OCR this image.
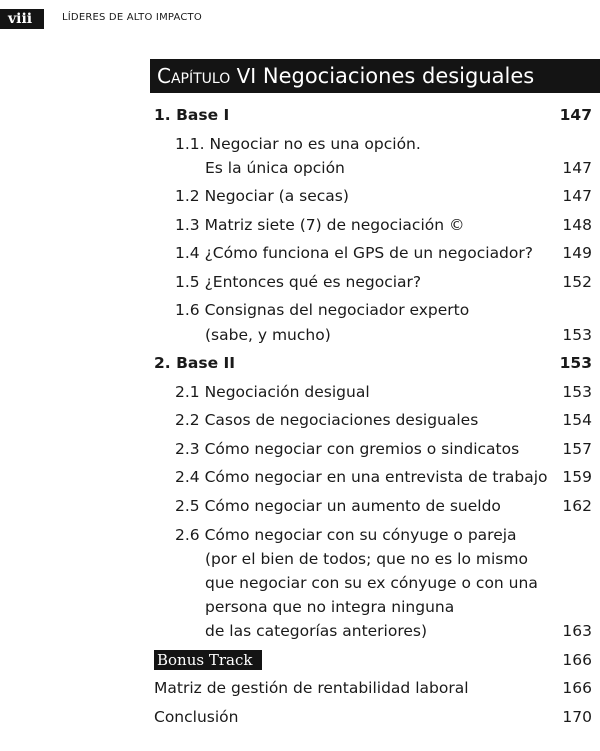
viii	LÍDERES DE ALTO IMPACTO
Capítulo VI Negociaciones desiguales
1. Base I	147
1.1. Negociar no es una opción.
Es la única opción	147
1.2 Negociar (a secas)	147
1.3 Matriz siete (7) de negociación ©	148
1.4 ¿Cómo funciona el GPS de un negociador? 149
1.5 ¿Entonces qué es negociar?	152
1.6 Consignas del negociador experto
(sabe, y mucho)	153
2. Base II	153
2.1 Negociación desigual	153
2.2 Casos de negociaciones desiguales	154
2.3 Cómo negociar con gremios o sindicatos	157
2.4 Cómo negociar en una entrevista de trabajo 159
2.5 Cómo negociar un aumento de sueldo	162
2.6 Cómo negociar con su cónyuge o pareja
(por el bien de todos; que no es lo mismo
que negociar con su ex cónyuge o con una
persona que no integra ninguna
de las categorías anteriores)	163
Bonus Track	166
Matriz de gestión de rentabilidad laboral	166
Conclusión	170
